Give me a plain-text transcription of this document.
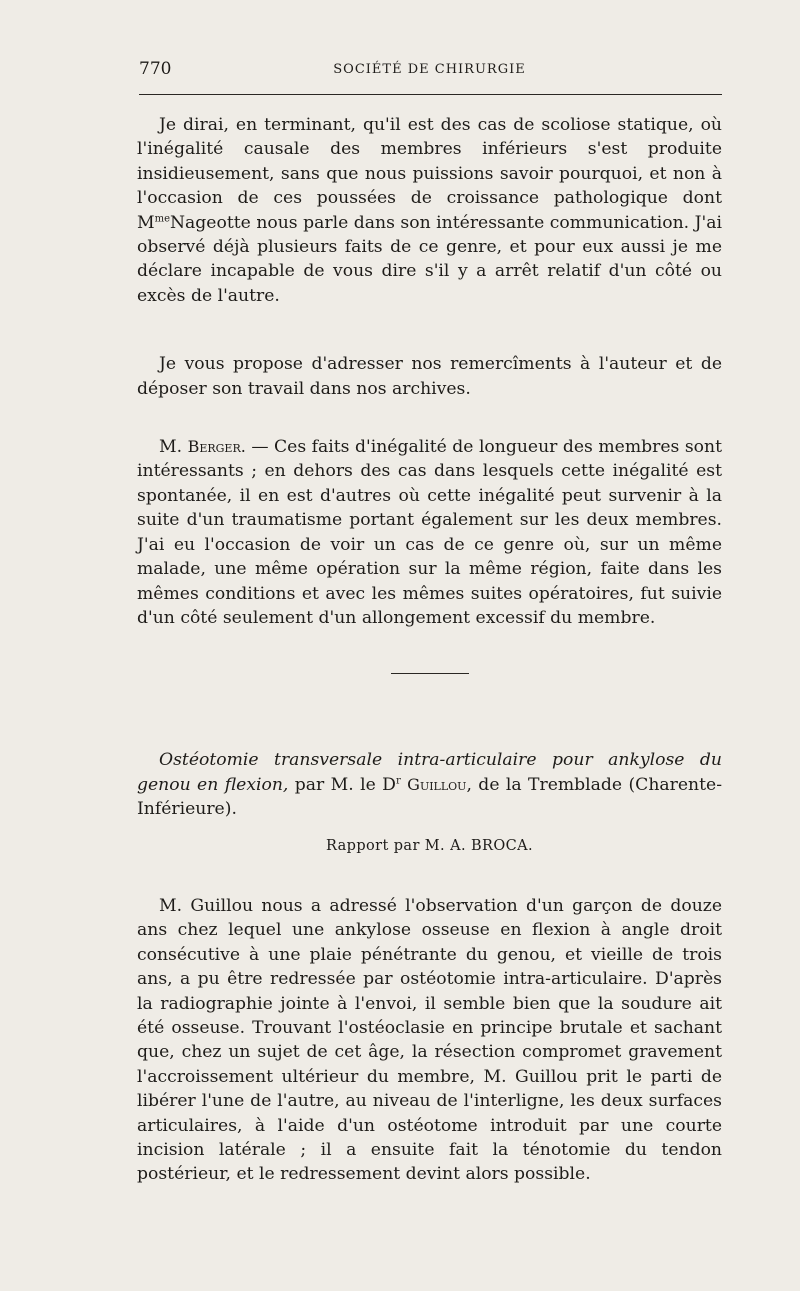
770	SOCIÉTÉ DE CHIRURGIE

Je dirai, en terminant, qu'il est des cas de scoliose statique, où l'inégalité causale des membres inférieurs s'est produite insidieusement, sans que nous puissions savoir pourquoi, et non à l'occasion de ces poussées de croissance pathologique dont $M^{me}Nageotte$ nous parle dans son intéressante communication. J'ai observé déjà plusieurs faits de ce genre, et pour eux aussi je me déclare incapable de vous dire s'il y a arrêt relatif d'un côté ou excès de l'autre.

Je vous propose d'adresser nos remercîments à l'auteur et de déposer son travail dans nos archives.

M. Berger. — Ces faits d'inégalité de longueur des membres sont intéressants ; en dehors des cas dans lesquels cette inégalité est spontanée, il en est d'autres où cette inégalité peut survenir à la suite d'un traumatisme portant également sur les deux membres. J'ai eu l'occasion de voir un cas de ce genre où, sur un même malade, une même opération sur la même région, faite dans les mêmes conditions et avec les mêmes suites opératoires, fut suivie d'un côté seulement d'un allongement excessif du membre.

Ostéotomie transversale intra-articulaire pour ankylose du genou en flexion, par M. le $D^r$ Guillou, de la Tremblade (Charente-Inférieure).

Rapport par M. A. BROCA.

M. Guillou nous a adressé l'observation d'un garçon de douze ans chez lequel une ankylose osseuse en flexion à angle droit consécutive à une plaie pénétrante du genou, et vieille de trois ans, a pu être redressée par ostéotomie intra-articulaire. D'après la radiographie jointe à l'envoi, il semble bien que la soudure ait été osseuse. Trouvant l'ostéoclasie en principe brutale et sachant que, chez un sujet de cet âge, la résection compromet gravement l'accroissement ultérieur du membre, M. Guillou prit le parti de libérer l'une de l'autre, au niveau de l'interligne, les deux surfaces articulaires, à l'aide d'un ostéotome introduit par une courte incision latérale ; il a ensuite fait la ténotomie du tendon postérieur, et le redressement devint alors possible.
